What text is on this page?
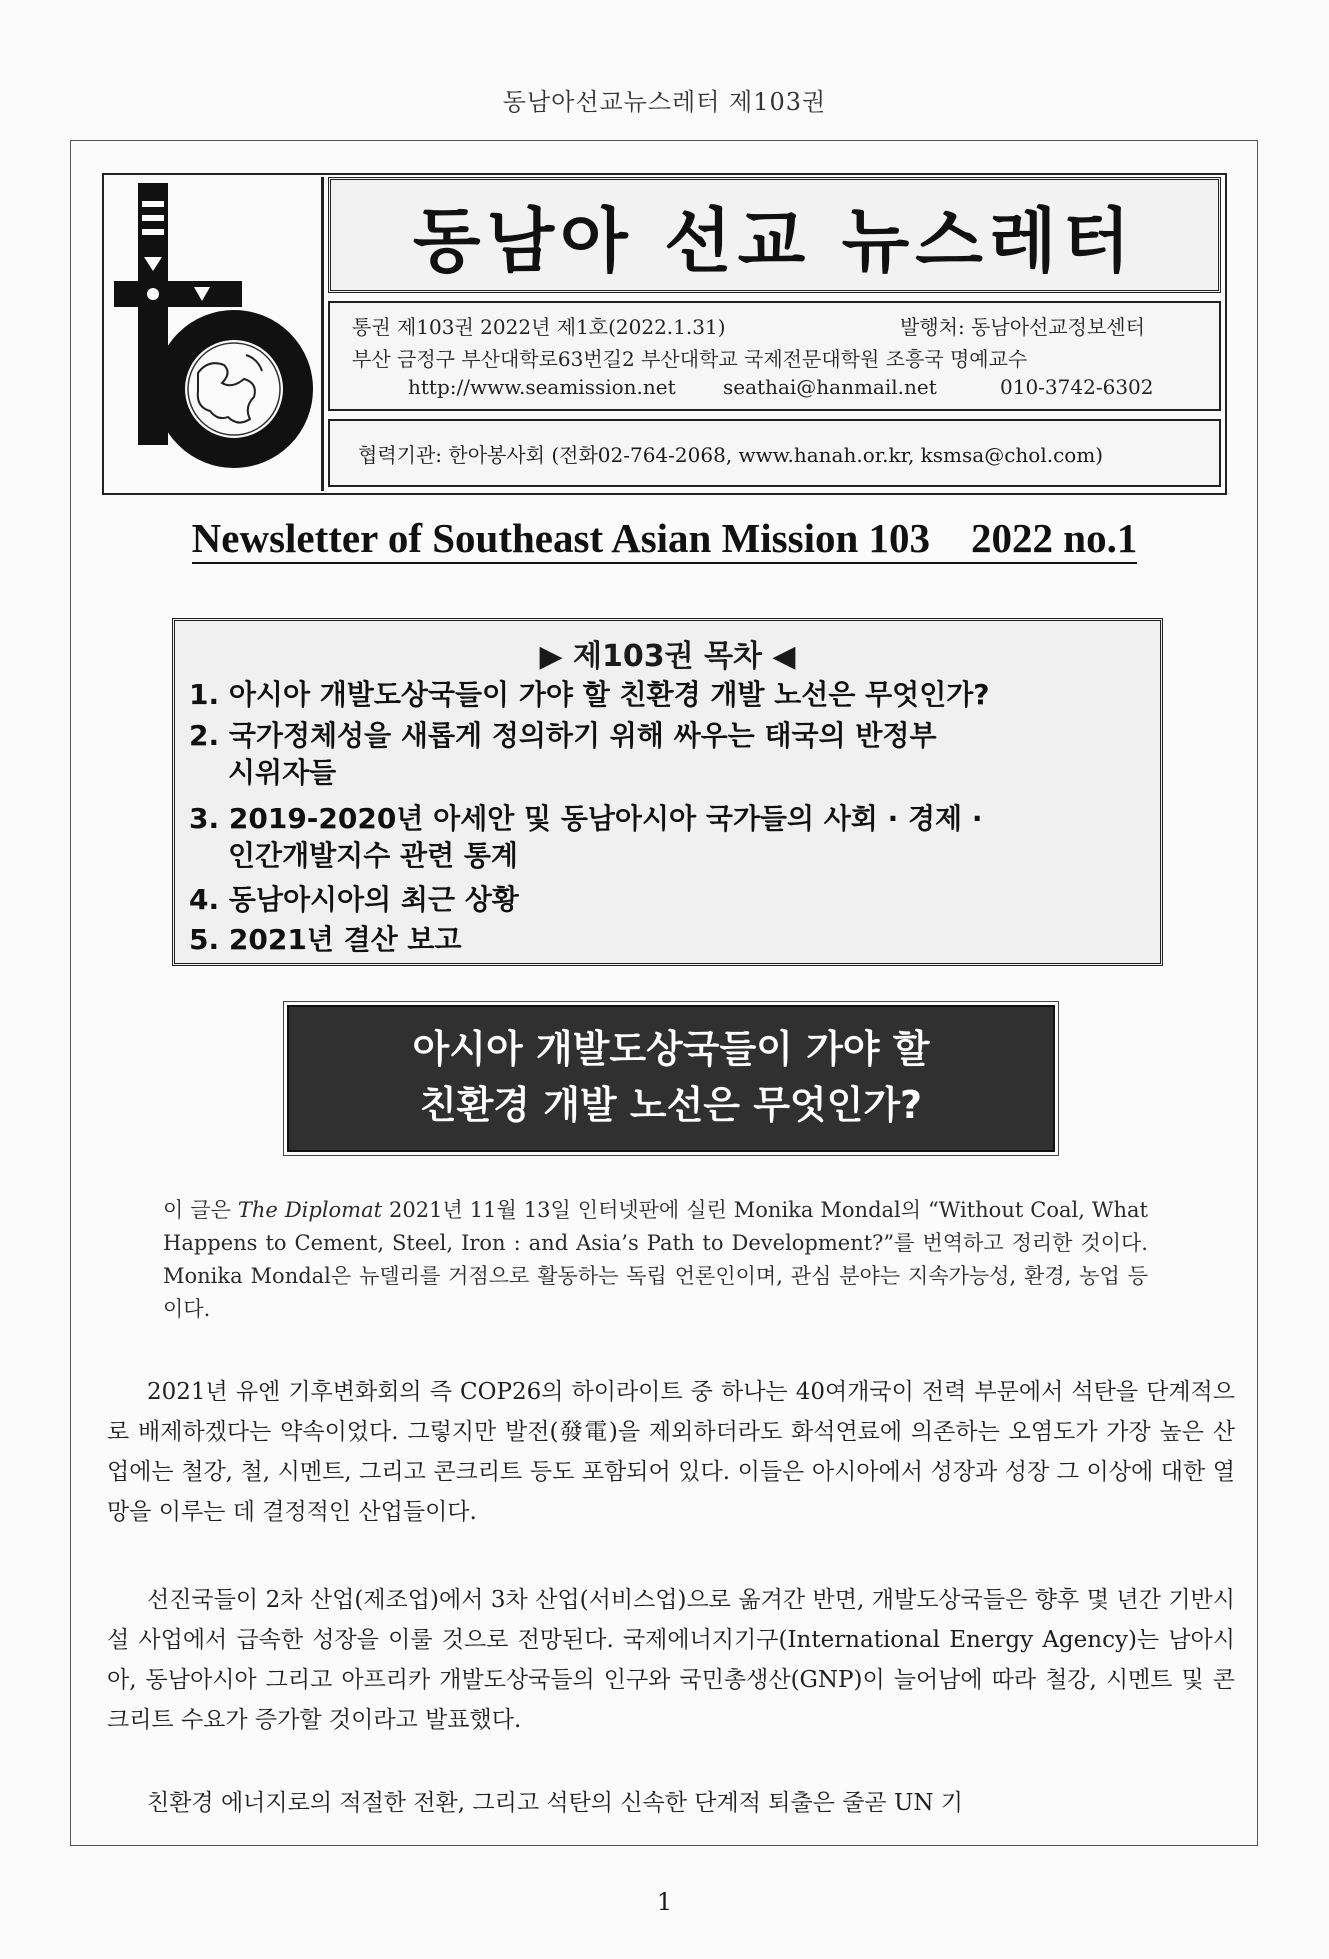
동남아선교뉴스레터 제103권
동남아 선교 뉴스레터
통권 제103권 2022년 제1호(2022.1.31)	발행처: 동남아선교정보센터
부산 금정구 부산대학로63번길2 부산대학교 국제전문대학원 조흥국 명예교수
http://www.seamission.net seathai@hanmail.net	010-3742-6302
협력기관: 한아봉사회 (전화02-764-2068, www.hanah.or.kr, ksmsa@chol.com)
Newsletter of Southeast Asian Mission 103    2022 no.1
▶ 제103권 목차 ◀
1. 아시아 개발도상국들이 가야 할 친환경 개발 노선은 무엇인가?
2. 국가정체성을 새롭게 정의하기 위해 싸우는 태국의 반정부
시위자들
3. 2019-2020년 아세안 및 동남아시아 국가들의 사회 · 경제 ·
인간개발지수 관련 통계
4. 동남아시아의 최근 상황
5. 2021년 결산 보고
아시아 개발도상국들이 가야 할
친환경 개발 노선은 무엇인가?
이 글은 The Diplomat 2021년 11월 13일 인터넷판에 실린 Monika Mondal의 “Without Coal, What Happens to Cement, Steel, Iron : and Asia’s Path to Development?”를 번역하고 정리한 것이다. Monika Mondal은 뉴델리를 거점으로 활동하는 독립 언론인이며, 관심 분야는 지속가능성, 환경, 농업 등이다.
2021년 유엔 기후변화회의 즉 COP26의 하이라이트 중 하나는 40여개국이 전력 부문에서 석탄을 단계적으로 배제하겠다는 약속이었다. 그렇지만 발전(發電)을 제외하더라도 화석연료에 의존하는 오염도가 가장 높은 산업에는 철강, 철, 시멘트, 그리고 콘크리트 등도 포함되어 있다. 이들은 아시아에서 성장과 성장 그 이상에 대한 열망을 이루는 데 결정적인 산업들이다.
선진국들이 2차 산업(제조업)에서 3차 산업(서비스업)으로 옮겨간 반면, 개발도상국들은 향후 몇 년간 기반시설 사업에서 급속한 성장을 이룰 것으로 전망된다. 국제에너지기구(International Energy Agency)는 남아시아, 동남아시아 그리고 아프리카 개발도상국들의 인구와 국민총생산(GNP)이 늘어남에 따라 철강, 시멘트 및 콘크리트 수요가 증가할 것이라고 발표했다.
친환경 에너지로의 적절한 전환, 그리고 석탄의 신속한 단계적 퇴출은 줄곧 UN 기
1
